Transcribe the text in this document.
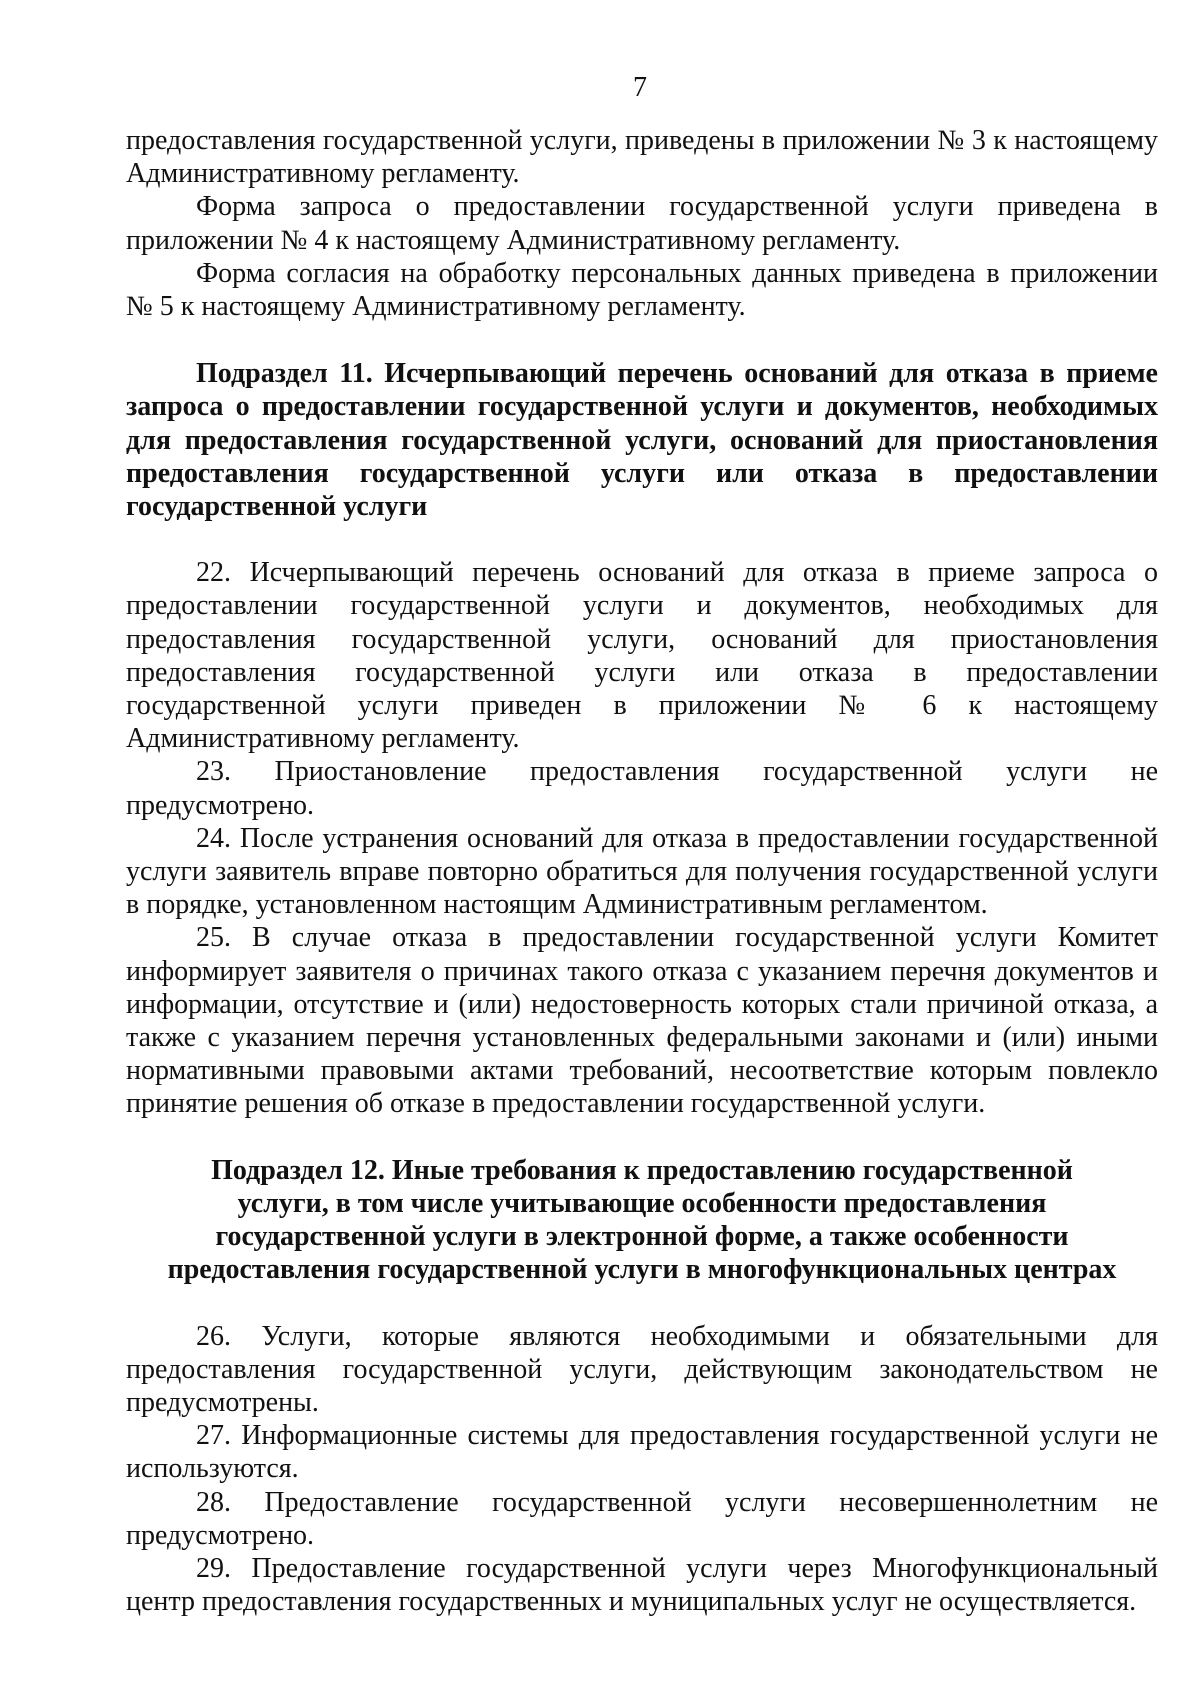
7

предоставления государственной услуги, приведены в приложении № 3 к настоящему Административному регламенту.

Форма запроса о предоставлении государственной услуги приведена в приложении № 4 к настоящему Административному регламенту.

Форма согласия на обработку персональных данных приведена в приложении № 5 к настоящему Административному регламенту.

Подраздел 11. Исчерпывающий перечень оснований для отказа в приеме запроса о предоставлении государственной услуги и документов, необходимых для предоставления государственной услуги, оснований для приостановления предоставления государственной услуги или отказа в предоставлении государственной услуги

22. Исчерпывающий перечень оснований для отказа в приеме запроса о предоставлении государственной услуги и документов, необходимых для предоставления государственной услуги, оснований для приостановления предоставления государственной услуги или отказа в предоставлении государственной услуги приведен в приложении № 6 к настоящему Административному регламенту.

23. Приостановление предоставления государственной услуги не предусмотрено.

24. После устранения оснований для отказа в предоставлении государственной услуги заявитель вправе повторно обратиться для получения государственной услуги в порядке, установленном настоящим Административным регламентом.

25. В случае отказа в предоставлении государственной услуги Комитет информирует заявителя о причинах такого отказа с указанием перечня документов и информации, отсутствие и (или) недостоверность которых стали причиной отказа, а также с указанием перечня установленных федеральными законами и (или) иными нормативными правовыми актами требований, несоответствие которым повлекло принятие решения об отказе в предоставлении государственной услуги.

Подраздел 12. Иные требования к предоставлению государственной
услуги, в том числе учитывающие особенности предоставления
государственной услуги в электронной форме, а также особенности
предоставления государственной услуги в многофункциональных центрах

26. Услуги, которые являются необходимыми и обязательными для предоставления государственной услуги, действующим законодательством не предусмотрены.

27. Информационные системы для предоставления государственной услуги не используются.

28. Предоставление государственной услуги несовершеннолетним не предусмотрено.

29. Предоставление государственной услуги через Многофункциональный центр предоставления государственных и муниципальных услуг не осуществляется.
